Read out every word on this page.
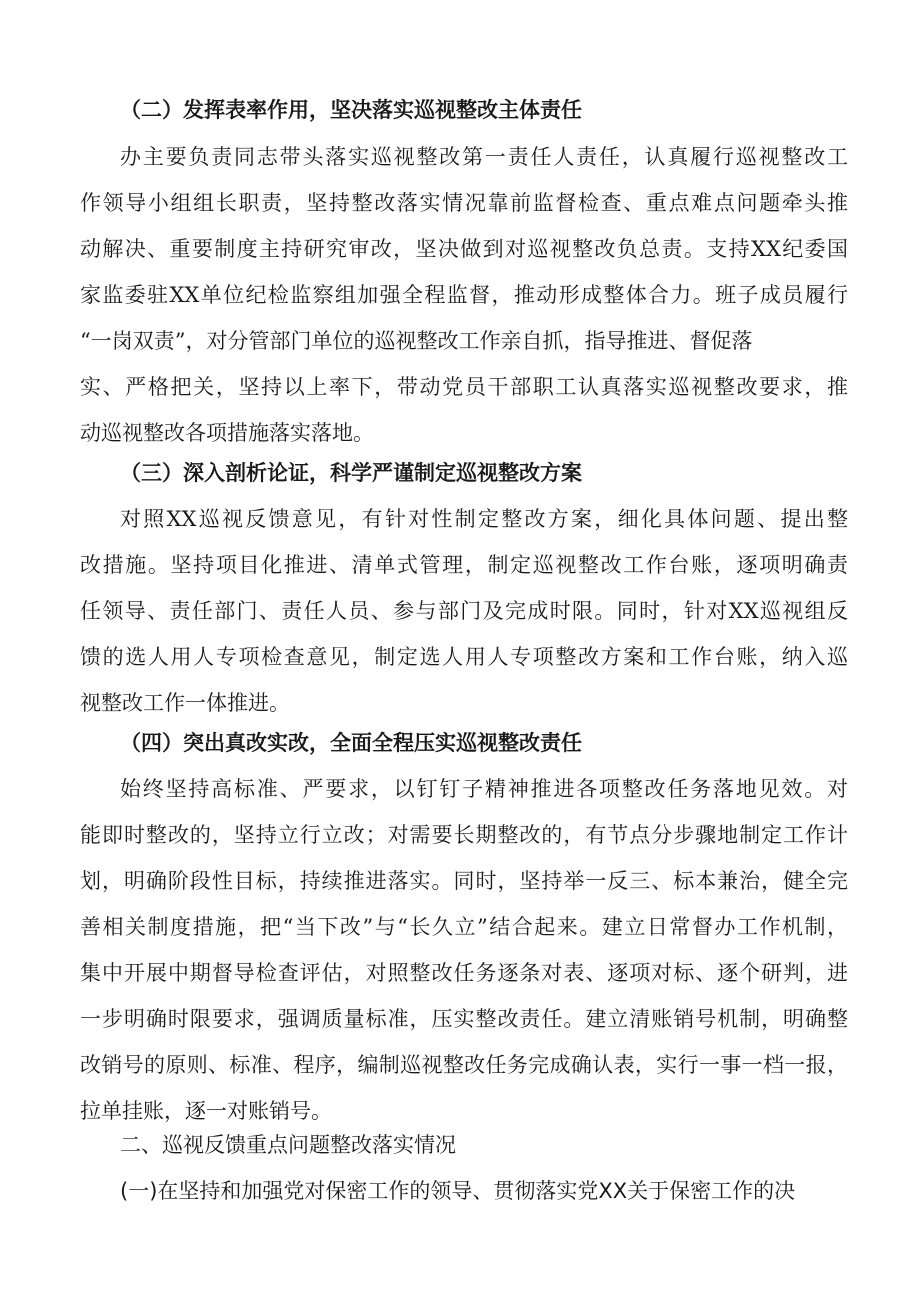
（二）发挥表率作用，坚决落实巡视整改主体责任
办主要负责同志带头落实巡视整改第一责任人责任，认真履行巡视整改工
作领导小组组长职责，坚持整改落实情况靠前监督检查、重点难点问题牵头推
动解决、重要制度主持研究审改，坚决做到对巡视整改负总责。支持XX纪委国
家监委驻XX单位纪检监察组加强全程监督，推动形成整体合力。班子成员履行
“一岗双责”，对分管部门单位的巡视整改工作亲自抓，指导推进、督促落
实、严格把关，坚持以上率下，带动党员干部职工认真落实巡视整改要求，推
动巡视整改各项措施落实落地。
（三）深入剖析论证，科学严谨制定巡视整改方案
对照XX巡视反馈意见，有针对性制定整改方案，细化具体问题、提出整
改措施。坚持项目化推进、清单式管理，制定巡视整改工作台账，逐项明确责
任领导、责任部门、责任人员、参与部门及完成时限。同时，针对XX巡视组反
馈的选人用人专项检查意见，制定选人用人专项整改方案和工作台账，纳入巡
视整改工作一体推进。
（四）突出真改实改，全面全程压实巡视整改责任
始终坚持高标准、严要求，以钉钉子精神推进各项整改任务落地见效。对
能即时整改的，坚持立行立改；对需要长期整改的，有节点分步骤地制定工作计
划，明确阶段性目标，持续推进落实。同时，坚持举一反三、标本兼治，健全完
善相关制度措施，把“当下改”与“长久立”结合起来。建立日常督办工作机制，
集中开展中期督导检查评估，对照整改任务逐条对表、逐项对标、逐个研判，进
一步明确时限要求，强调质量标准，压实整改责任。建立清账销号机制，明确整
改销号的原则、标准、程序，编制巡视整改任务完成确认表，实行一事一档一报，
拉单挂账，逐一对账销号。
二、巡视反馈重点问题整改落实情况
(一)在坚持和加强党对保密工作的领导、贯彻落实党XX关于保密工作的决
